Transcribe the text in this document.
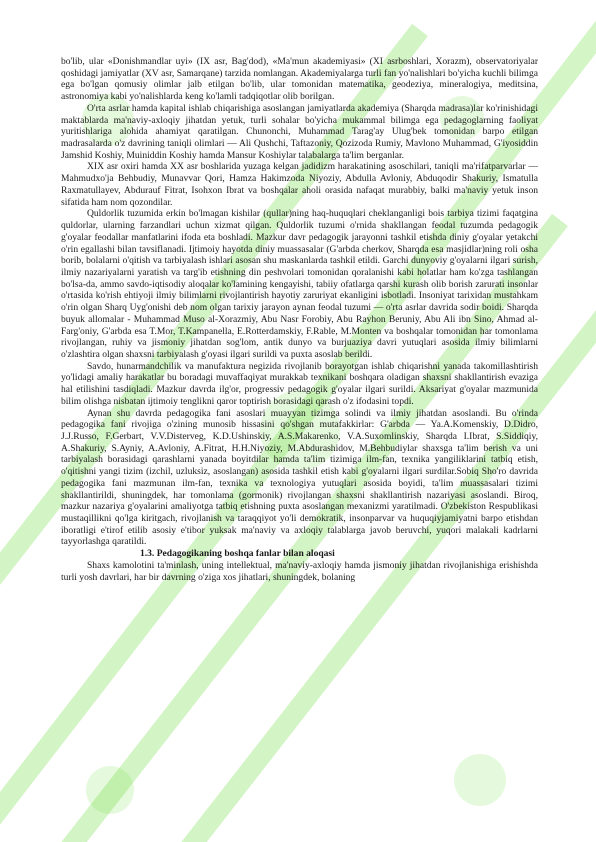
bo'lib, ular «Donishmandlar uyi» (IX asr, Bag'dod), «Ma'mun akademiyasi» (XI asrboshlari, Xorazm), observatoriyalar qoshidagi jamiyatlar (XV asr, Samarqane) tarzida nomlangan. Akademiyalarga turli fan yo'nalishlari bo'yicha kuchli bilimga ega bo'lgan qomusiy olimlar jalb etilgan bo'lib, ular tomonidan matematika, geodeziya, mineralogiya, meditsina, astronomiya kabi yo'nalishlarda keng ko'lamli tadqiqotlar olib borilgan.

O'rta asrlar hamda kapital ishlab chiqarishiga asoslangan jamiyatlarda akademiya (Sharqda madrasa)lar ko'rinishidagi maktablarda ma'naviy-axloqiy jihatdan yetuk, turli sohalar bo'yicha mukammal bilimga ega pedagoglarning faoliyat yuritishlariga alohida ahamiyat qaratilgan. Chunonchi, Muhammad Tarag'ay Ulug'bek tomonidan barpo etilgan madrasalarda o'z davrining taniqli olimlari — Ali Qushchi, Taftazoniy, Qozizoda Rumiy, Mavlono Muhammad, G'iyosiddin Jamshid Koshiy, Muiniddin Koshiy hamda Mansur Koshiylar talabalarga ta'lim berganlar.

XIX asr oxiri hamda XX asr boshlarida yuzaga kelgan jadidizm harakatining asoschilari, taniqli ma'rifatparvarlar — Mahmudxo'ja Behbudiy, Munavvar Qori, Hamza Hakimzoda Niyoziy, Abdulla Avloniy, Abduqodir Shakuriy, Ismatulla Raxmatullayev, Abdurauf Fitrat, Isohxon Ibrat va boshqalar aholi orasida nafaqat murabbiy, balki ma'naviy yetuk inson sifatida ham nom qozondilar.

Quldorlik tuzumida erkin bo'lmagan kishilar (qullar)ning haq-huquqlari cheklanganligi bois tarbiya tizimi faqatgina quldorlar, ularning farzandlari uchun xizmat qilgan. Quldorlik tuzumi o'rnida shakllangan feodal tuzumda pedagogik g'oyalar feodallar manfatlarini ifoda eta boshladi. Mazkur davr pedagogik jarayonni tashkil etishda diniy g'oyalar yetakchi o'rin egallashi bilan tavsiflanadi. Ijtimoiy hayotda diniy muassasalar (G'arbda cherkov, Sharqda esa masjidlar)ning roli osha borib, bolalarni o'qitish va tarbiyalash ishlari asosan shu maskanlarda tashkil etildi. Garchi dunyoviy g'oyalarni ilgari surish, ilmiy nazariyalarni yaratish va targ'ib etishning din peshvolari tomonidan qoralanishi kabi holatlar ham ko'zga tashlangan bo'lsa-da, ammo savdo-iqtisodiy aloqalar ko'lamining kengayishi, tabiiy ofatlarga qarshi kurash olib borish zarurati insonlar o'rtasida ko'rish ehtiyoji ilmiy bilimlarni rivojlantirish hayotiy zaruriyat ekanligini isbotladi. Insoniyat tarixidan mustahkam o'rin olgan Sharq Uyg'onishi deb nom olgan tarixiy jarayon aynan feodal tuzumi — o'rta asrlar davrida sodir boidi. Sharqda buyuk allomalar - Muhammad Muso al-Xorazmiy, Abu Nasr Forobiy, Abu Rayhon Beruniy, Abu Ali ibn Sino, Ahmad al-Farg'oniy, G'arbda esa T.Mor, T.Kampanella, E.Rotterdamskiy, F.Rable, M.Monten va boshqalar tomonidan har tomonlama rivojlangan, ruhiy va jismoniy jihatdan sog'lom, antik dunyo va burjuaziya davri yutuqlari asosida ilmiy bilimlarni o'zlashtira olgan shaxsni tarbiyalash g'oyasi ilgari surildi va puxta asoslab berildi.

Savdo, hunarmandchilik va manufaktura negizida rivojlanib borayotgan ishlab chiqarishni yanada takomillashtirish yo'lidagi amaliy harakatlar bu boradagi muvaffaqiyat murakkab texnikani boshqara oladigan shaxsni shakllantirish evaziga hal etilishini tasdiqladi. Mazkur davrda ilg'or, progressiv pedagogik g'oyalar ilgari surildi. Aksariyat g'oyalar mazmunida bilim olishga nisbatan ijtimoiy tenglikni qaror toptirish borasidagi qarash o'z ifodasini topdi.

Aynan shu davrda pedagogika fani asoslari muayyan tizimga solindi va ilmiy jihatdan asoslandi. Bu o'rinda pedagogika fani rivojiga o'zining munosib hissasini qo'shgan mutafakkirlar: G'arbda — Ya.A.Komenskiy, D.Didro, J.J.Russo, F.Gerbart, V.V.Disterveg, K.D.Ushinskiy, A.S.Makarenko, V.A.Suxomlinskiy, Sharqda I.Ibrat, S.Siddiqiy, A.Shakuriy, S.Ayniy, A.Avloniy, A.Fitrat, H.H.Niyoziy, M.Abdurashidov, M.Behbudiylar shaxsga ta'lim berish va uni tarbiyalash borasidagi qarashlarni yanada boyitdilar hamda ta'lim tizimiga ilm-fan, texnika yangiliklarini tatbiq etish, o'qitishni yangi tizim (izchil, uzluksiz, asoslangan) asosida tashkil etish kabi g'oyalarni ilgari surdilar.Sobiq Sho'ro davrida pedagogika fani mazmunan ilm-fan, texnika va texnologiya yutuqlari asosida boyidi, ta'lim muassasalari tizimi shakllantirildi, shuningdek, har tomonlama (gormonik) rivojlangan shaxsni shakllantirish nazariyasi asoslandi. Biroq, mazkur nazariya g'oyalarini amaliyotga tatbiq etishning puxta asoslangan mexanizmi yaratilmadi. O'zbekiston Respublikasi mustaqillikni qo'lga kiritgach, rivojlanish va taraqqiyot yo'li demokratik, insonparvar va huquqiyjamiyatni barpo etishdan iboratligi e'tirof etilib asosiy e'tibor yuksak ma'naviy va axloqiy talablarga javob beruvchi, yuqori malakali kadrlarni tayyorlashga qaratildi.

1.3. Pedagogikaning boshqa fanlar bilan aloqasi

Shaxs kamolotini ta'minlash, uning intellektual, ma'naviy-axloqiy hamda jismoniy jihatdan rivojlanishiga erishishda turli yosh davrlari, har bir davrning o'ziga xos jihatlari, shuningdek, bolaning
